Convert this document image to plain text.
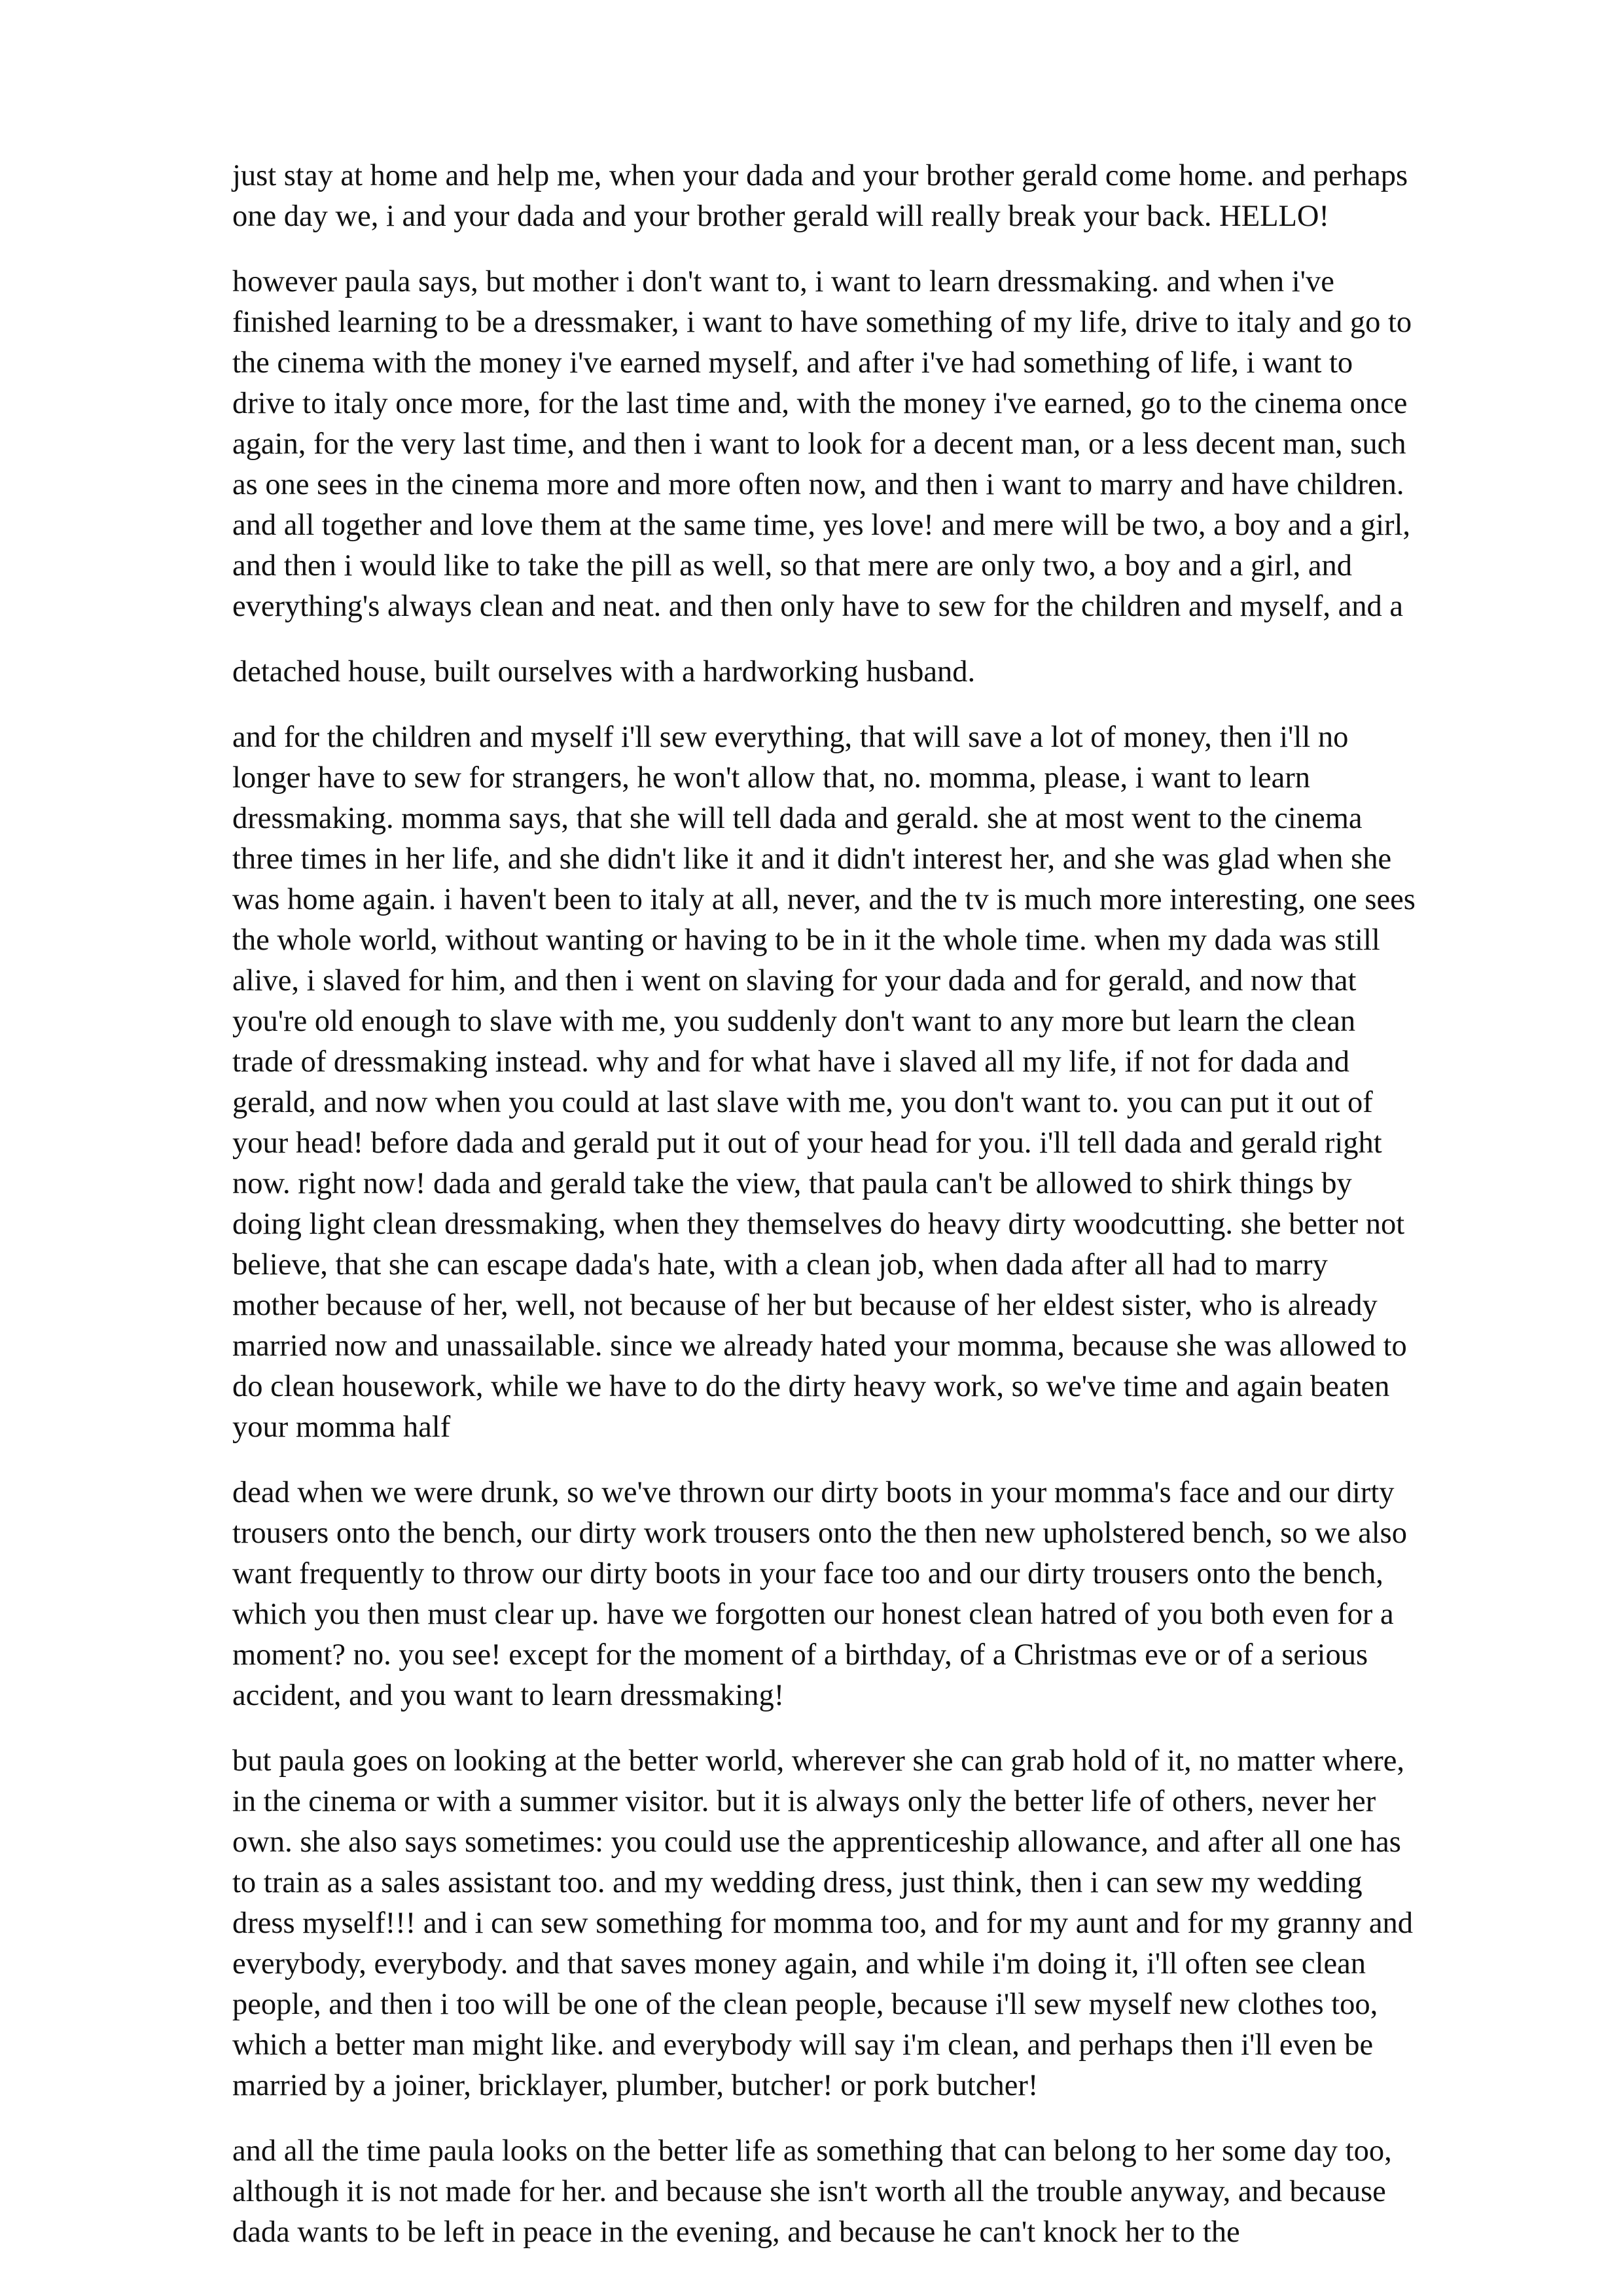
just stay at home and help me, when your dada and your brother gerald come home. and perhaps
one day we, i and your dada and your brother gerald will really break your back. HELLO!

however paula says, but mother i don't want to, i want to learn dressmaking. and when i've
finished learning to be a dressmaker, i want to have something of my life, drive to italy and go to
the cinema with the money i've earned myself, and after i've had something of life, i want to
drive to italy once more, for the last time and, with the money i've earned, go to the cinema once
again, for the very last time, and then i want to look for a decent man, or a less decent man, such
as one sees in the cinema more and more often now, and then i want to marry and have children.
and all together and love them at the same time, yes love! and mere will be two, a boy and a girl,
and then i would like to take the pill as well, so that mere are only two, a boy and a girl, and
everything's always clean and neat. and then only have to sew for the children and myself, and a

detached house, built ourselves with a hardworking husband.

and for the children and myself i'll sew everything, that will save a lot of money, then i'll no
longer have to sew for strangers, he won't allow that, no. momma, please, i want to learn
dressmaking. momma says, that she will tell dada and gerald. she at most went to the cinema
three times in her life, and she didn't like it and it didn't interest her, and she was glad when she
was home again. i haven't been to italy at all, never, and the tv is much more interesting, one sees
the whole world, without wanting or having to be in it the whole time. when my dada was still
alive, i slaved for him, and then i went on slaving for your dada and for gerald, and now that
you're old enough to slave with me, you suddenly don't want to any more but learn the clean
trade of dressmaking instead. why and for what have i slaved all my life, if not for dada and
gerald, and now when you could at last slave with me, you don't want to. you can put it out of
your head! before dada and gerald put it out of your head for you. i'll tell dada and gerald right
now. right now! dada and gerald take the view, that paula can't be allowed to shirk things by
doing light clean dressmaking, when they themselves do heavy dirty woodcutting. she better not
believe, that she can escape dada's hate, with a clean job, when dada after all had to marry
mother because of her, well, not because of her but because of her eldest sister, who is already
married now and unassailable. since we already hated your momma, because she was allowed to
do clean housework, while we have to do the dirty heavy work, so we've time and again beaten
your momma half

dead when we were drunk, so we've thrown our dirty boots in your momma's face and our dirty
trousers onto the bench, our dirty work trousers onto the then new upholstered bench, so we also
want frequently to throw our dirty boots in your face too and our dirty trousers onto the bench,
which you then must clear up. have we forgotten our honest clean hatred of you both even for a
moment? no. you see! except for the moment of a birthday, of a Christmas eve or of a serious
accident, and you want to learn dressmaking!

but paula goes on looking at the better world, wherever she can grab hold of it, no matter where,
in the cinema or with a summer visitor. but it is always only the better life of others, never her
own. she also says sometimes: you could use the apprenticeship allowance, and after all one has
to train as a sales assistant too. and my wedding dress, just think, then i can sew my wedding
dress myself!!! and i can sew something for momma too, and for my aunt and for my granny and
everybody, everybody. and that saves money again, and while i'm doing it, i'll often see clean
people, and then i too will be one of the clean people, because i'll sew myself new clothes too,
which a better man might like. and everybody will say i'm clean, and perhaps then i'll even be
married by a joiner, bricklayer, plumber, butcher! or pork butcher!

and all the time paula looks on the better life as something that can belong to her some day too,
although it is not made for her. and because she isn't worth all the trouble anyway, and because
dada wants to be left in peace in the evening, and because he can't knock her to the
